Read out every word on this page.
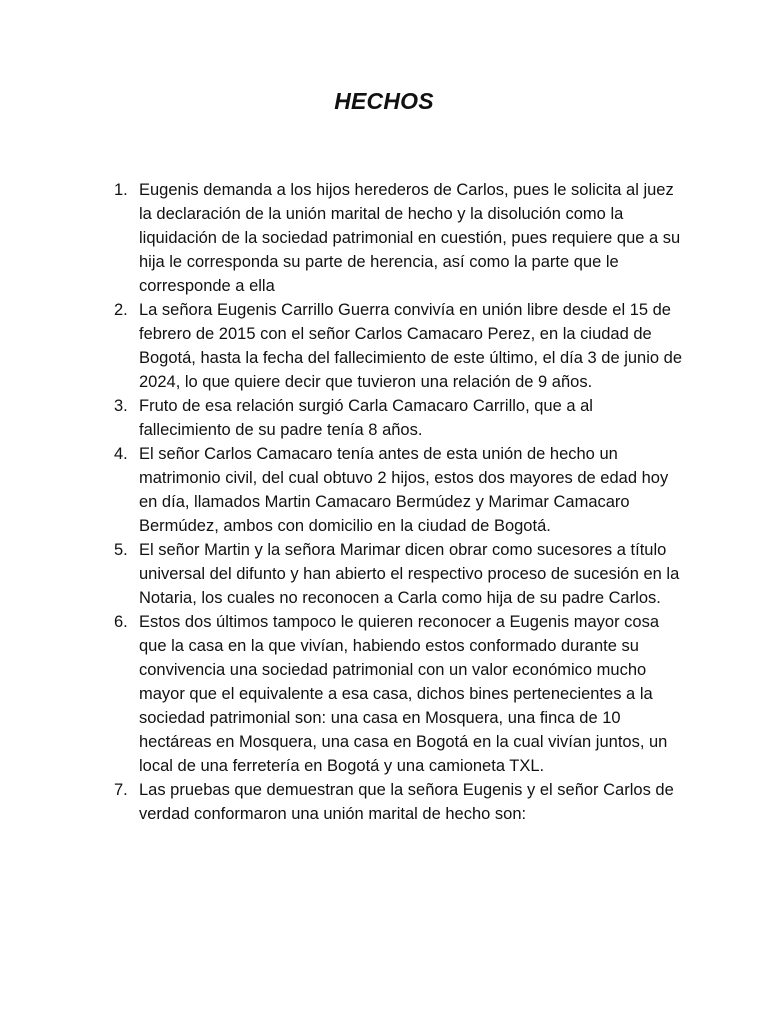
HECHOS
1. Eugenis demanda a los hijos herederos de Carlos, pues le solicita al juez la declaración de la unión marital de hecho y la disolución como la liquidación de la sociedad patrimonial en cuestión, pues requiere que a su hija le corresponda su parte de herencia, así como la parte que le corresponde a ella
2. La señora Eugenis Carrillo Guerra convivía en unión libre desde el 15 de febrero de 2015 con el señor Carlos Camacaro Perez, en la ciudad de Bogotá, hasta la fecha del fallecimiento de este último, el día 3 de junio de 2024, lo que quiere decir que tuvieron una relación de 9 años.
3. Fruto de esa relación surgió Carla Camacaro Carrillo, que a al fallecimiento de su padre tenía 8 años.
4. El señor Carlos Camacaro tenía antes de esta unión de hecho un matrimonio civil, del cual obtuvo 2 hijos, estos dos mayores de edad hoy en día, llamados Martin Camacaro Bermúdez y Marimar Camacaro Bermúdez, ambos con domicilio en la ciudad de Bogotá.
5. El señor Martin y la señora Marimar dicen obrar como sucesores a título universal del difunto y han abierto el respectivo proceso de sucesión en la Notaria, los cuales no reconocen a Carla como hija de su padre Carlos.
6. Estos dos últimos tampoco le quieren reconocer a Eugenis mayor cosa que la casa en la que vivían, habiendo estos conformado durante su convivencia una sociedad patrimonial con un valor económico mucho mayor que el equivalente a esa casa, dichos bines pertenecientes a la sociedad patrimonial son: una casa en Mosquera, una finca de 10 hectáreas en Mosquera, una casa en Bogotá en la cual vivían juntos, un local de una ferretería en Bogotá y una camioneta TXL.
7. Las pruebas que demuestran que la señora Eugenis y el señor Carlos de verdad conformaron una unión marital de hecho son:
